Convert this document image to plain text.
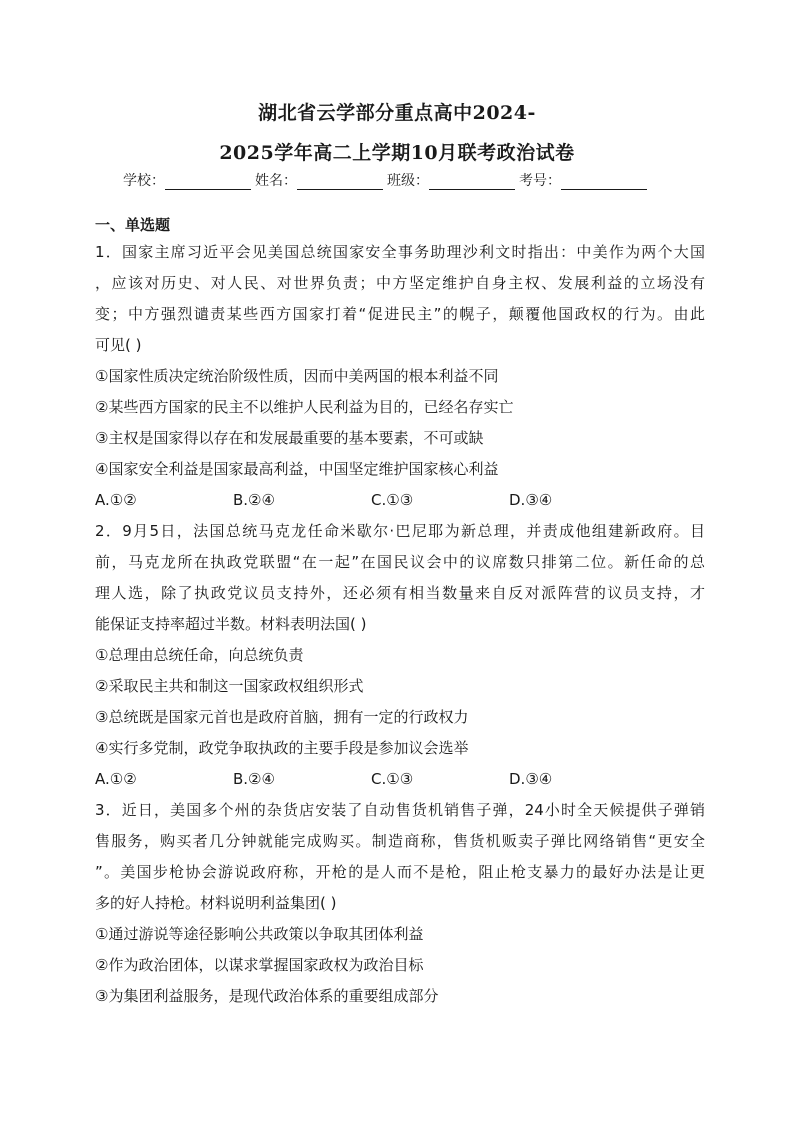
湖北省云学部分重点高中2024-
2025学年高二上学期10月联考政治试卷
学校：	姓名：	班级：	考号：
一、单选题
1．国家主席习近平会见美国总统国家安全事务助理沙利文时指出：中美作为两个大国
，应该对历史、对人民、对世界负责；中方坚定维护自身主权、发展利益的立场没有
变；中方强烈谴责某些西方国家打着“促进民主”的幌子，颠覆他国政权的行为。由此
可见( )
①国家性质决定统治阶级性质，因而中美两国的根本利益不同
②某些西方国家的民主不以维护人民利益为目的，已经名存实亡
③主权是国家得以存在和发展最重要的基本要素，不可或缺
④国家安全利益是国家最高利益，中国坚定维护国家核心利益
A.①②	B.②④	C.①③	D.③④
2．9月5日，法国总统马克龙任命米歇尔·巴尼耶为新总理，并责成他组建新政府。目
前，马克龙所在执政党联盟“在一起”在国民议会中的议席数只排第二位。新任命的总
理人选，除了执政党议员支持外，还必须有相当数量来自反对派阵营的议员支持，才
能保证支持率超过半数。材料表明法国( )
①总理由总统任命，向总统负责
②采取民主共和制这一国家政权组织形式
③总统既是国家元首也是政府首脑，拥有一定的行政权力
④实行多党制，政党争取执政的主要手段是参加议会选举
A.①②	B.②④	C.①③	D.③④
3．近日，美国多个州的杂货店安装了自动售货机销售子弹，24小时全天候提供子弹销
售服务，购买者几分钟就能完成购买。制造商称，售货机贩卖子弹比网络销售“更安全
”。美国步枪协会游说政府称，开枪的是人而不是枪，阻止枪支暴力的最好办法是让更
多的好人持枪。材料说明利益集团( )
①通过游说等途径影响公共政策以争取其团体利益
②作为政治团体，以谋求掌握国家政权为政治目标
③为集团利益服务，是现代政治体系的重要组成部分
